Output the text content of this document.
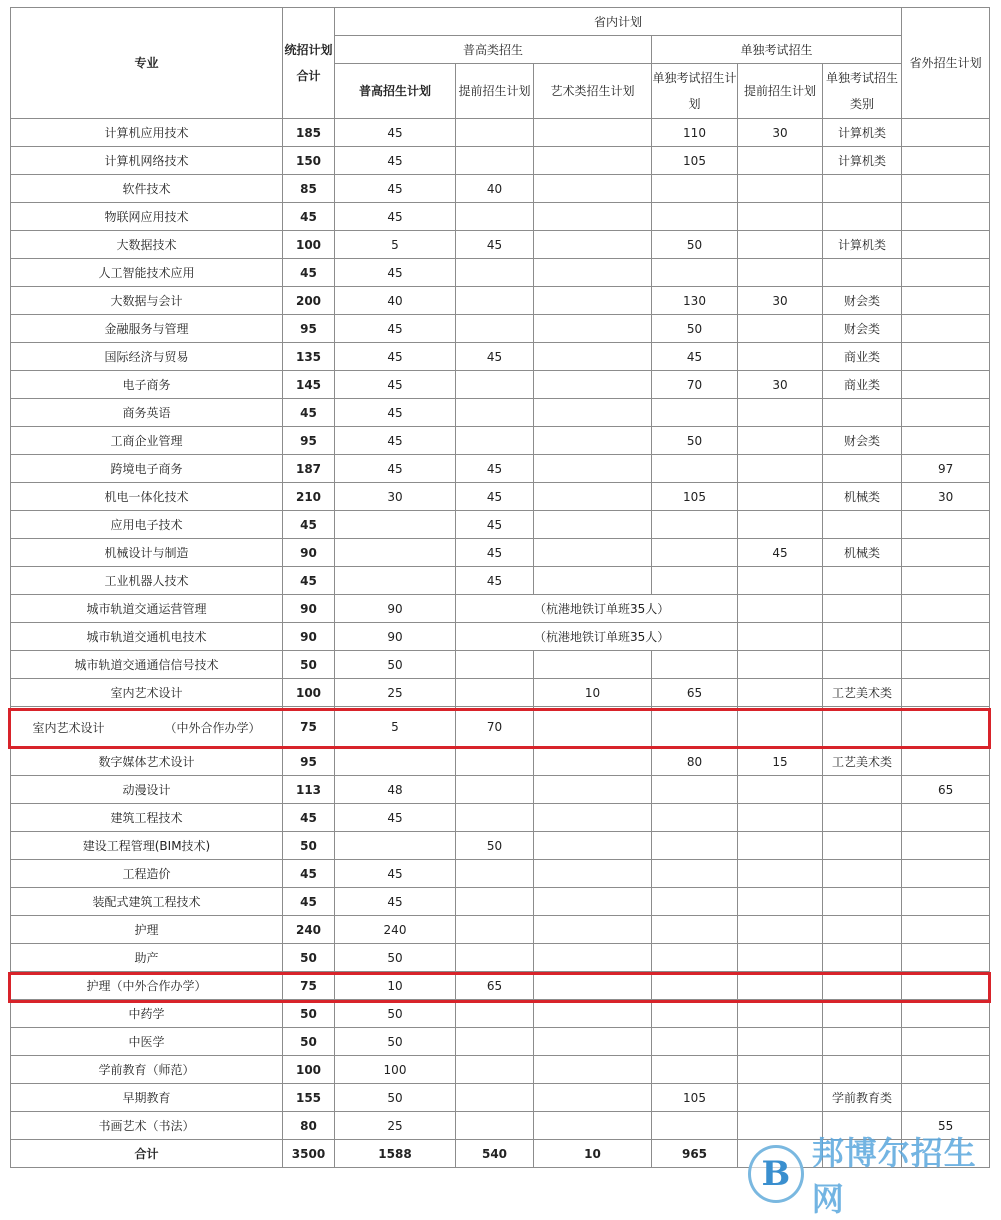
专业	统招计划合计	省内计划						省外招生计划
		普高类招生			单独考试招生			
		普高招生计划	提前招生计划	艺术类招生计划	单独考试招生计划	提前招生计划	单独考试招生类别	
计算机应用技术	185	45			110	30	计算机类	
计算机网络技术	150	45			105		计算机类	
软件技术	85	45	40					
物联网应用技术	45	45						
大数据技术	100	5	45		50		计算机类	
人工智能技术应用	45	45						
大数据与会计	200	40			130	30	财会类	
金融服务与管理	95	45			50		财会类	
国际经济与贸易	135	45	45		45		商业类	
电子商务	145	45			70	30	商业类	
商务英语	45	45						
工商企业管理	95	45			50		财会类	
跨境电子商务	187	45	45					97
机电一体化技术	210	30	45		105		机械类	30
应用电子技术	45		45					
机械设计与制造	90		45			45	机械类	
工业机器人技术	45		45					
城市轨道交通运营管理	90	90	（杭港地铁订单班35人）					
城市轨道交通机电技术	90	90	（杭港地铁订单班35人）					
城市轨道交通通信信号技术	50	50						
室内艺术设计	100	25		10	65		工艺美术类	
室内艺术设计 （中外合作办学）	75	5	70					
数字媒体艺术设计	95				80	15	工艺美术类	
动漫设计	113	48						65
建筑工程技术	45	45						
建设工程管理(BIM技术)	50		50					
工程造价	45	45						
装配式建筑工程技术	45	45						
护理	240	240						
助产	50	50						
护理（中外合作办学）	75	10	65					
中药学	50	50						
中医学	50	50						
学前教育（师范）	100	100						
早期教育	155	50			105		学前教育类	
书画艺术（书法）	80	25						55
合计	3500	1588	540	10	965			
B
邦博尔招生网
